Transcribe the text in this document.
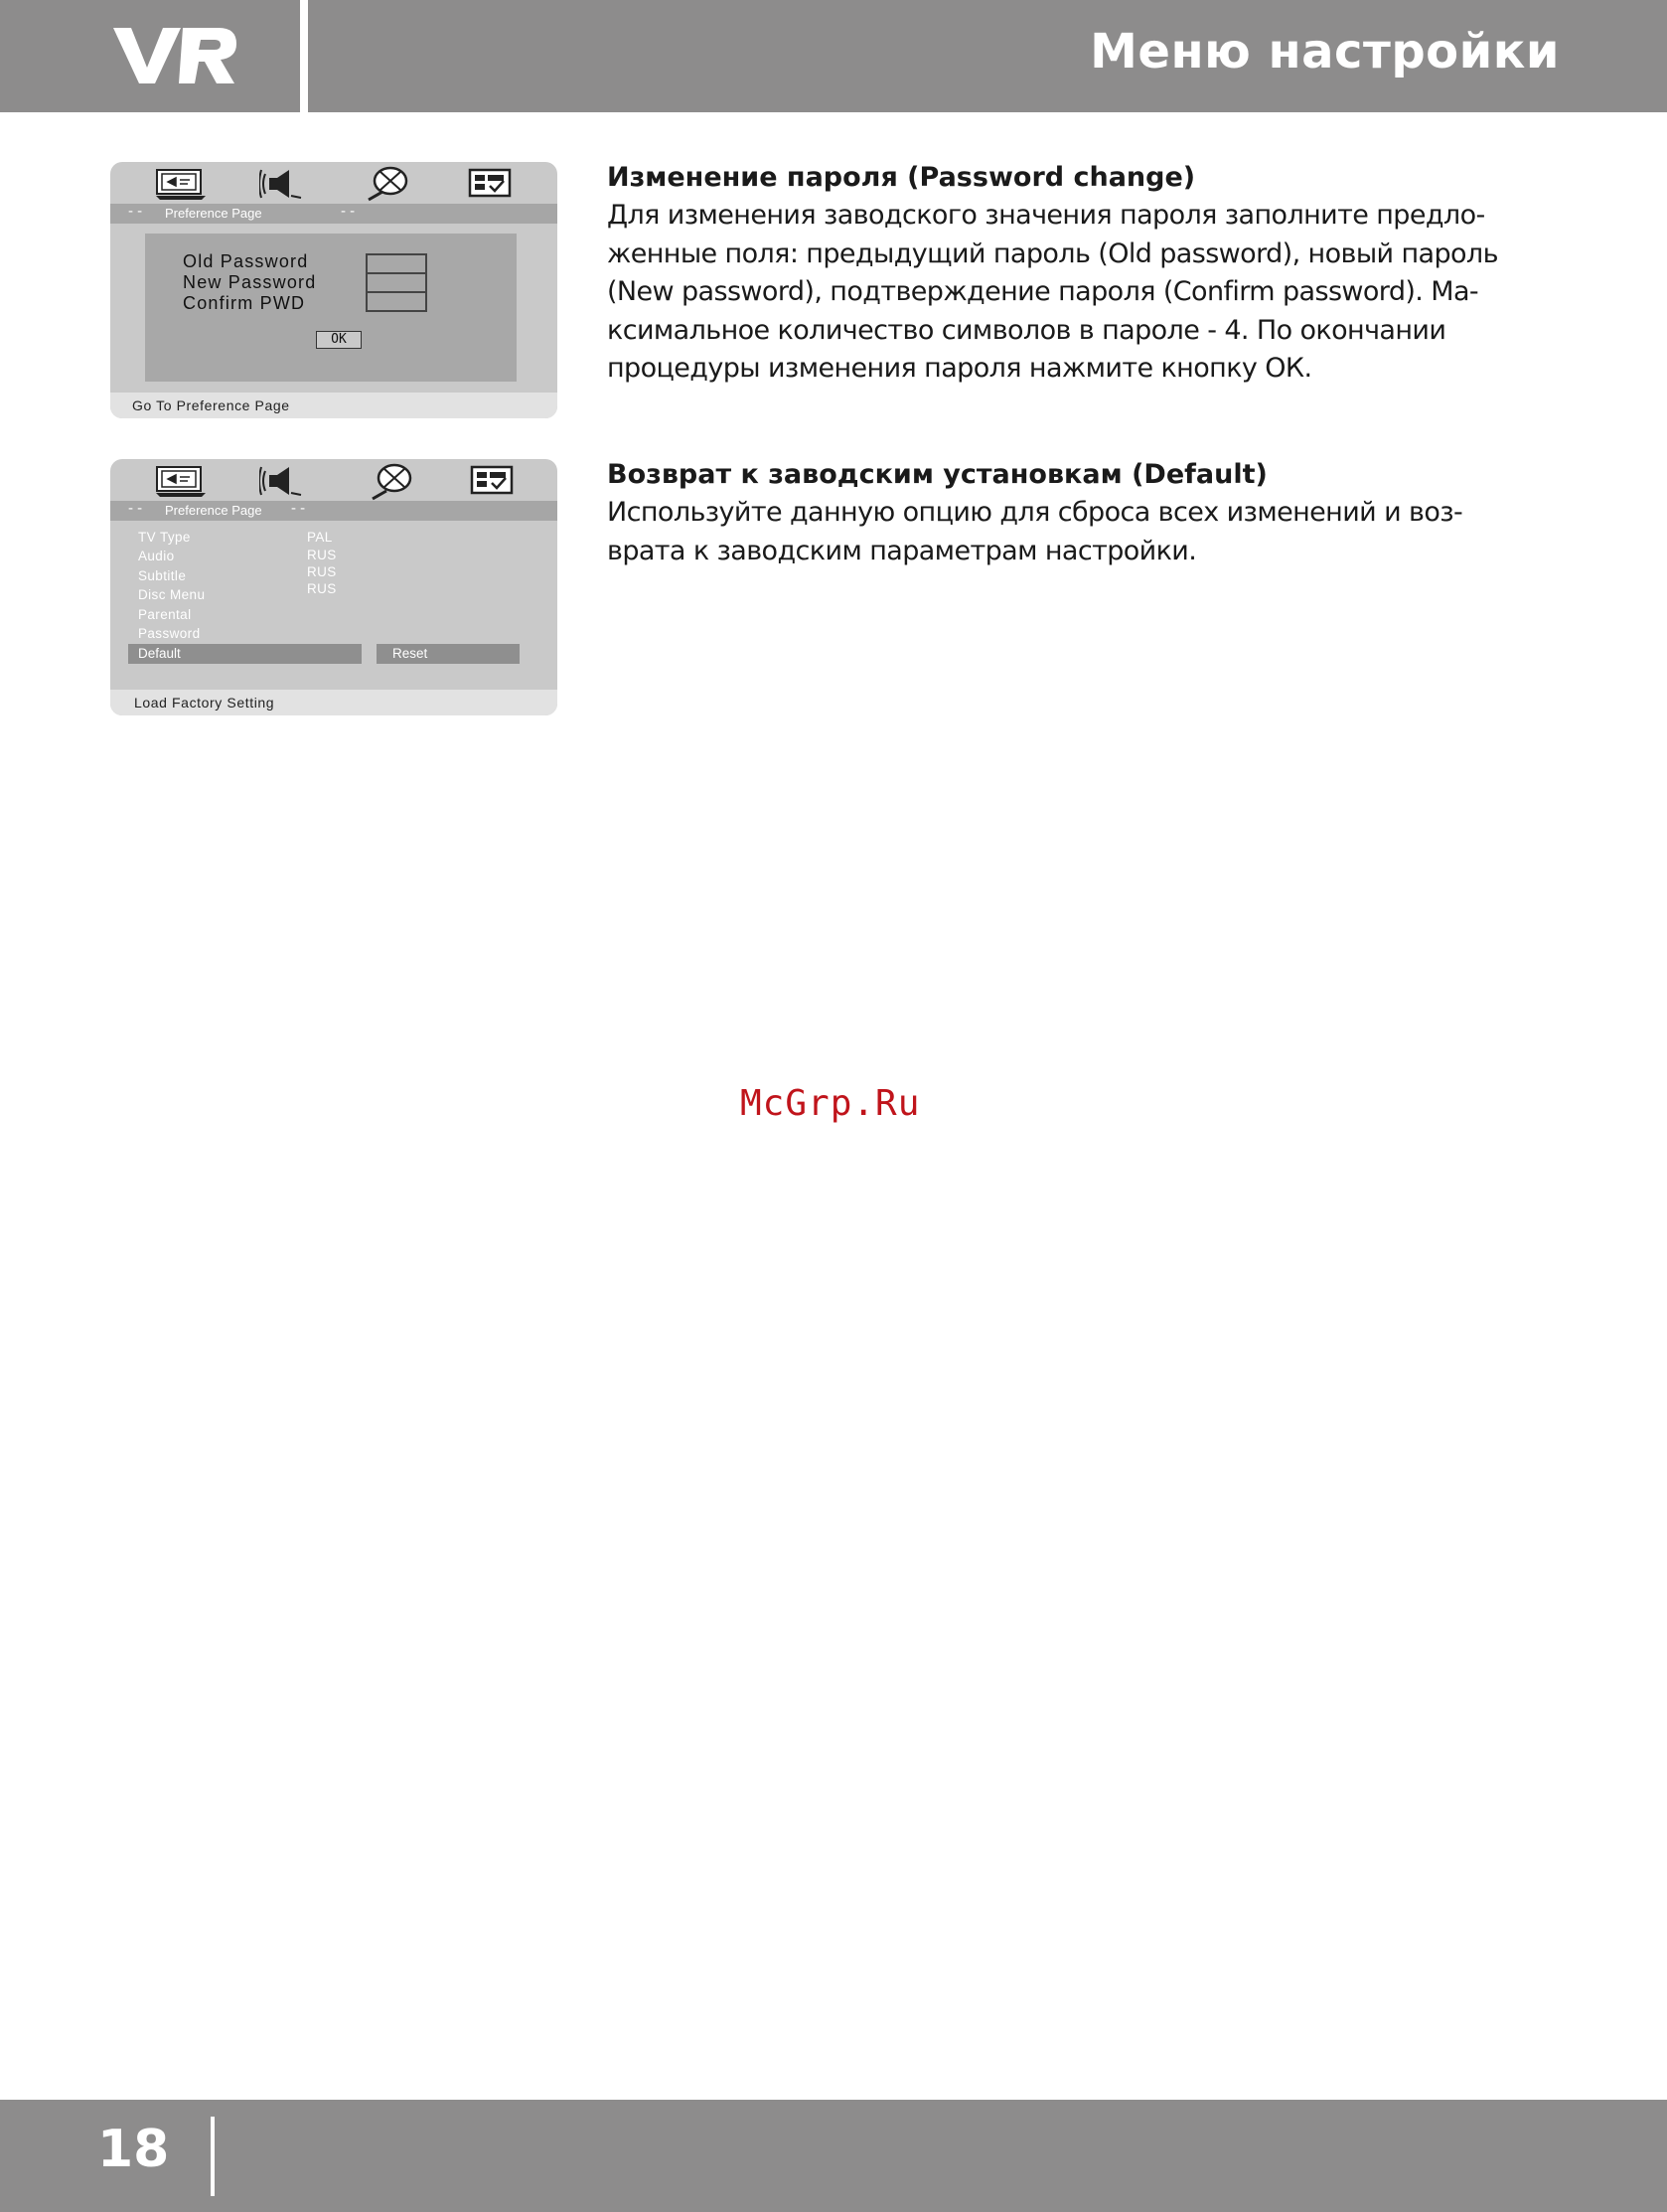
Меню настройки
- - Preference Page	- -
Old Password
New Password
Confirm PWD
OK
Go To Preference Page
- - Preference Page - -
TV Type
Audio
Subtitle
Disc Menu
Parental
Password
PAL
RUS
RUS
RUS
Default	Reset
Load Factory Setting
Изменение пароля (Password change)

Для изменения заводского значения пароля заполните предло-
женные поля: предыдущий пароль (Old password), новый пароль
(New password), подтверждение пароля (Confirm password). Ма-
ксимальное количество символов в пароле - 4. По окончании
процедуры изменения пароля нажмите кнопку ОК.

Возврат к заводским установкам (Default)

Используйте данную опцию для сброса всех изменений и воз-
врата к заводским параметрам настройки.

McGrp.Ru
18
